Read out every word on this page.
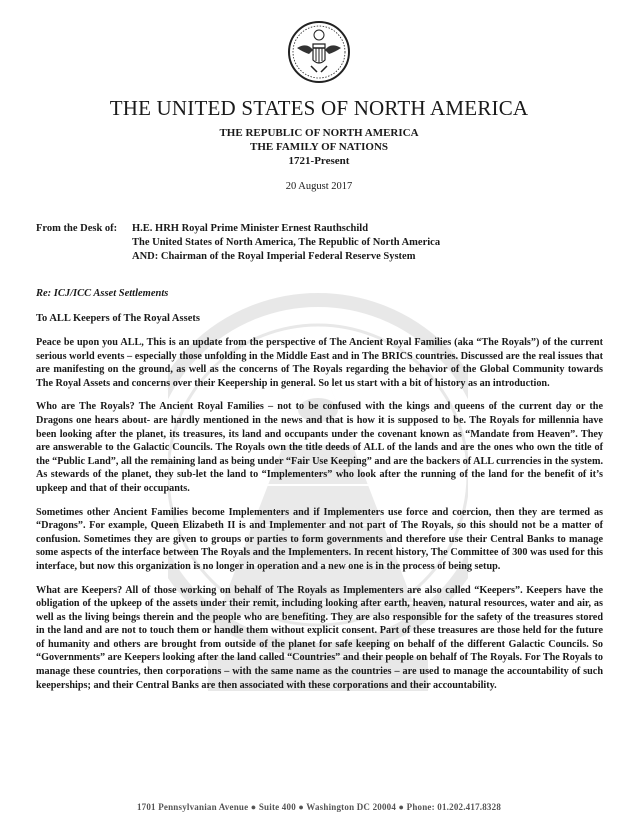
THE UNITED STATES OF NORTH AMERICA
THE REPUBLIC OF NORTH AMERICA
THE FAMILY OF NATIONS
1721-Present
20 August 2017
From the Desk of: H.E. HRH Royal Prime Minister Ernest Rauthschild
The United States of North America, The Republic of North America
AND: Chairman of the Royal Imperial Federal Reserve System
Re: ICJ/ICC Asset Settlements
To ALL Keepers of The Royal Assets

Peace be upon you ALL, This is an update from the perspective of The Ancient Royal Families (aka “The Royals”) of the current serious world events – especially those unfolding in the Middle East and in The BRICS countries. Discussed are the real issues that are manifesting on the ground, as well as the concerns of The Royals regarding the behavior of the Global Community towards The Royal Assets and concerns over their Keepership in general. So let us start with a bit of history as an introduction.

Who are The Royals? The Ancient Royal Families – not to be confused with the kings and queens of the current day or the Dragons one hears about- are hardly mentioned in the news and that is how it is supposed to be. The Royals for millennia have been looking after the planet, its treasures, its land and occupants under the covenant known as “Mandate from Heaven”. They are answerable to the Galactic Councils. The Royals own the title deeds of ALL of the lands and are the ones who own the title of the “Public Land”, all the remaining land as being under “Fair Use Keeping” and are the backers of ALL currencies in the system. As stewards of the planet, they sub-let the land to “Implementers” who look after the running of the land for the benefit of it’s upkeep and that of their occupants.

Sometimes other Ancient Families become Implementers and if Implementers use force and coercion, then they are termed as “Dragons”. For example, Queen Elizabeth II is and Implementer and not part of The Royals, so this should not be a matter of confusion. Sometimes they are given to groups or parties to form governments and therefore use their Central Banks to manage some aspects of the interface between The Royals and the Implementers. In recent history, The Committee of 300 was used for this interface, but now this organization is no longer in operation and a new one is in the process of being setup.

What are Keepers? All of those working on behalf of The Royals as Implementers are also called “Keepers”. Keepers have the obligation of the upkeep of the assets under their remit, including looking after earth, heaven, natural resources, water and air, as well as the living beings therein and the people who are benefiting. They are also responsible for the safety of the treasures stored in the land and are not to touch them or handle them without explicit consent. Part of these treasures are those held for the future of humanity and others are brought from outside of the planet for safe keeping on behalf of the different Galactic Councils. So “Governments” are Keepers looking after the land called “Countries” and their people on behalf of The Royals. For The Royals to manage these countries, then corporations – with the same name as the countries – are used to manage the accountability of such keeperships; and their Central Banks are then associated with these corporations and their accountability.

1701 Pennsylvanian Avenue ● Suite 400 ● Washington DC 20004 ● Phone: 01.202.417.8328
